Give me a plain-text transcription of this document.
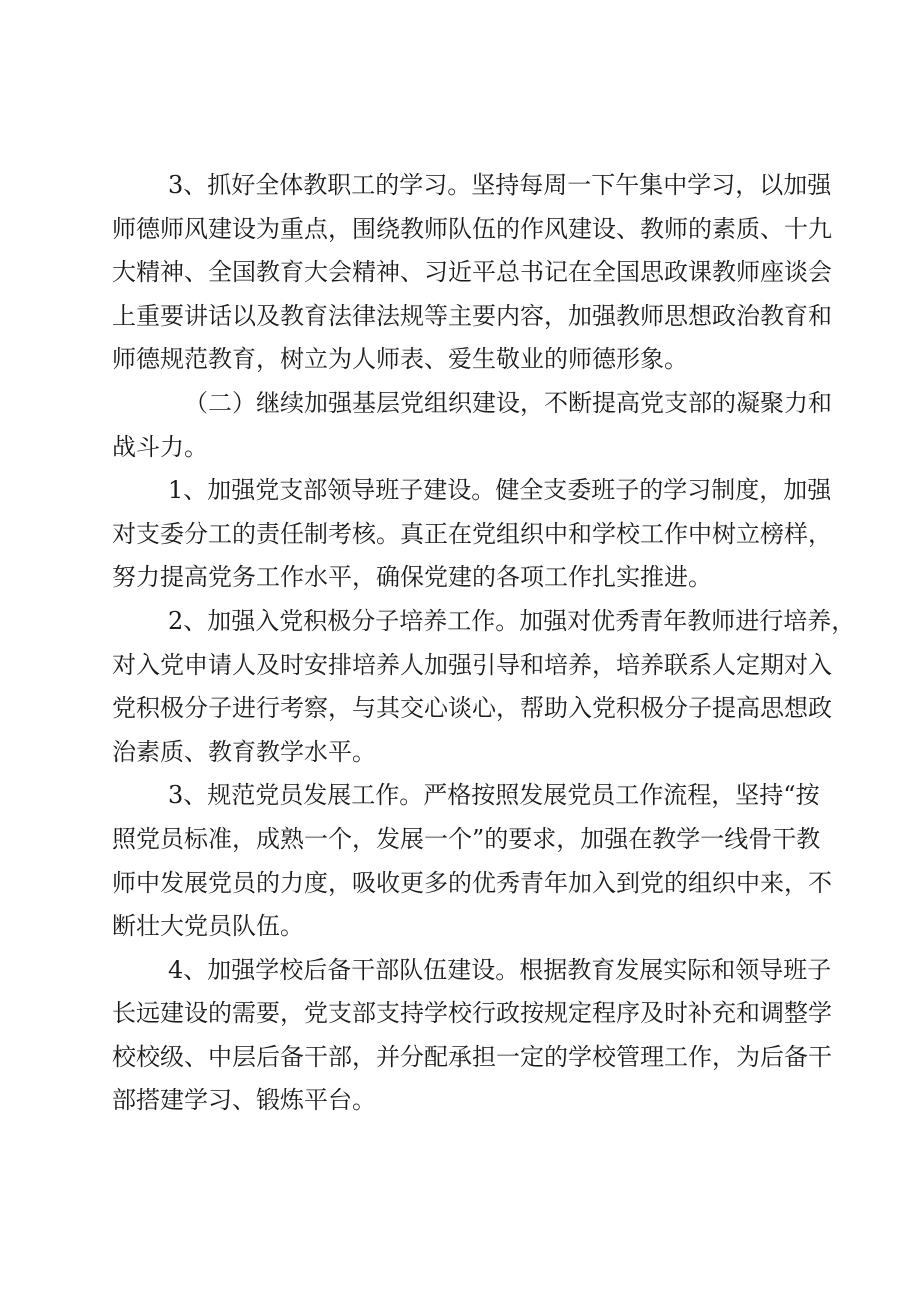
3、抓好全体教职工的学习。坚持每周一下午集中学习，以加强
师德师风建设为重点，围绕教师队伍的作风建设、教师的素质、十九
大精神、全国教育大会精神、习近平总书记在全国思政课教师座谈会
上重要讲话以及教育法律法规等主要内容，加强教师思想政治教育和
师德规范教育，树立为人师表、爱生敬业的师德形象。
（二）继续加强基层党组织建设，不断提高党支部的凝聚力和
战斗力。
1、加强党支部领导班子建设。健全支委班子的学习制度，加强
对支委分工的责任制考核。真正在党组织中和学校工作中树立榜样，
努力提高党务工作水平，确保党建的各项工作扎实推进。
2、加强入党积极分子培养工作。加强对优秀青年教师进行培养，
对入党申请人及时安排培养人加强引导和培养，培养联系人定期对入
党积极分子进行考察，与其交心谈心，帮助入党积极分子提高思想政
治素质、教育教学水平。
3、规范党员发展工作。严格按照发展党员工作流程，坚持“按
照党员标准，成熟一个，发展一个”的要求，加强在教学一线骨干教
师中发展党员的力度，吸收更多的优秀青年加入到党的组织中来，不
断壮大党员队伍。
4、加强学校后备干部队伍建设。根据教育发展实际和领导班子
长远建设的需要，党支部支持学校行政按规定程序及时补充和调整学
校校级、中层后备干部，并分配承担一定的学校管理工作，为后备干
部搭建学习、锻炼平台。
